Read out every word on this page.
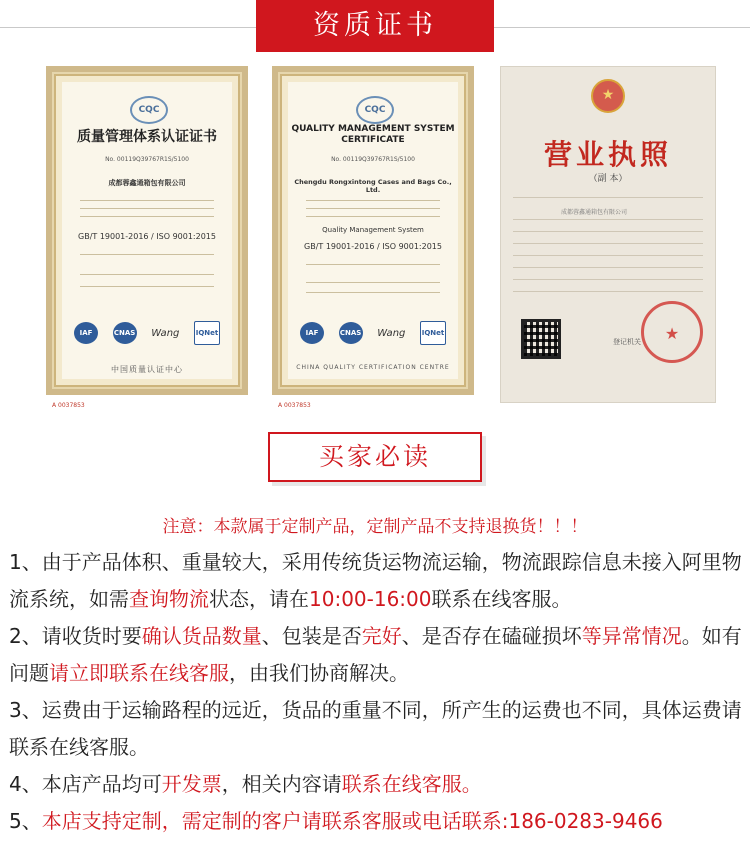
资质证书
CQC
质量管理体系认证证书
No. 00119Q39767R1S/5100
成都蓉鑫通箱包有限公司
GB/T 19001-2016 / ISO 9001:2015
IAF	CNAS Wang IQNet
中国质量认证中心
A 0037853
CQC
QUALITY MANAGEMENT SYSTEM CERTIFICATE
No. 00119Q39767R1S/5100
Chengdu Rongxintong Cases and Bags Co., Ltd.
Quality Management System
GB/T 19001-2016 / ISO 9001:2015
IAF	CNAS Wang IQNet
CHINA QUALITY CERTIFICATION CENTRE
A 0037853
★
营业执照
（副 本）
成都蓉鑫通箱包有限公司
登记机关
★
买家必读
注意：本款属于定制产品，定制产品不支持退换货！！！
1、由于产品体积、重量较大，采用传统货运物流运输，物流跟踪信息未接入阿里物流系统，如需查询物流状态，请在10:00-16:00联系在线客服。
2、请收货时要确认货品数量、包装是否完好、是否存在磕碰损坏等异常情况。如有问题请立即联系在线客服，由我们协商解决。
3、运费由于运输路程的远近，货品的重量不同，所产生的运费也不同，具体运费请联系在线客服。
4、本店产品均可开发票，相关内容请联系在线客服。
5、本店支持定制，需定制的客户请联系客服或电话联系:186-0283-9466
